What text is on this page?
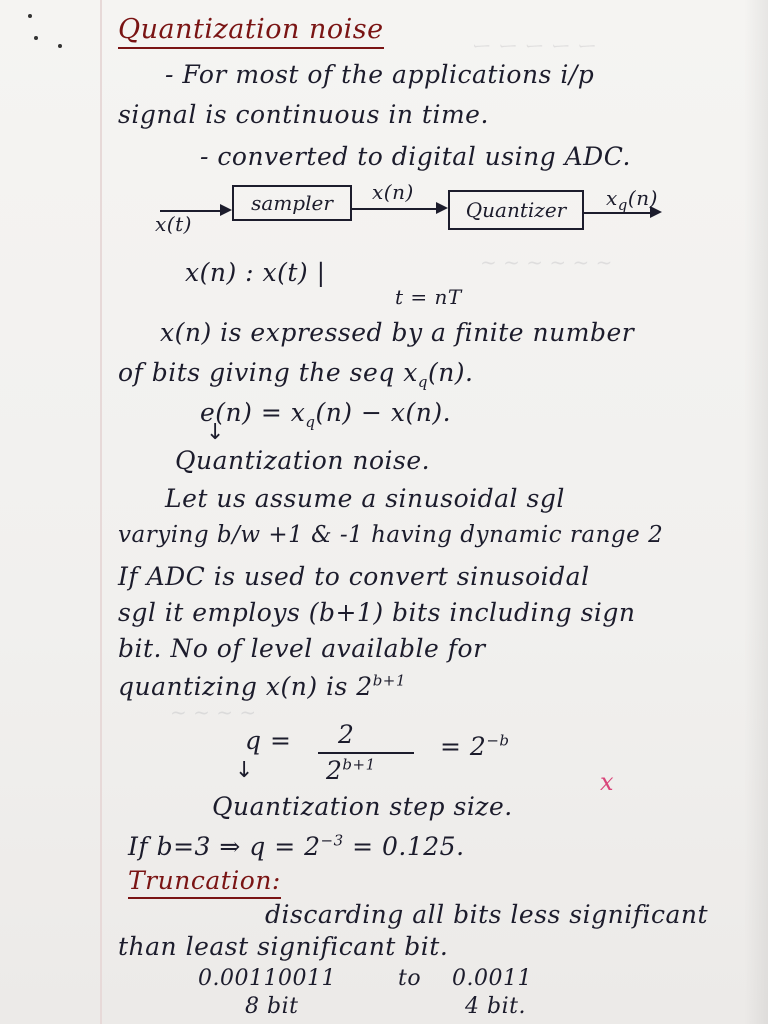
ー ー ー ー ー
~ ~ ~ ~ ~ ~
~ ~ ~ ~
Quantization noise
- For most of the applications i/p
signal is continuous in time.
- converted to digital using ADC.
x(t)
sampler x(n)
Quantizer $x_q(n)$
x(n) : x(t) |
t = nT
x(n) is expressed by a finite number
of bits giving the seq $x_q(n)$.
$e(n) = x_q(n) - x(n)$.
↓
Quantization noise.
Let us assume a sinusoidal sgl
varying b/w +1 & -1 having dynamic range 2
If ADC is used to convert sinusoidal
sgl it employs (b+1) bits including sign
bit. No of level available for
quantizing x(n) is $2^{b+1}$
q = 2
$2^{b+1}$
= $2^{-b}$
↓	x
Quantization step size.
If b=3 ⇒ $q = 2^{-3} = 0.125$.
Truncation:
discarding all bits less significant
than least significant bit.
0.00110011	to 0.0011
8 bit	4 bit.
